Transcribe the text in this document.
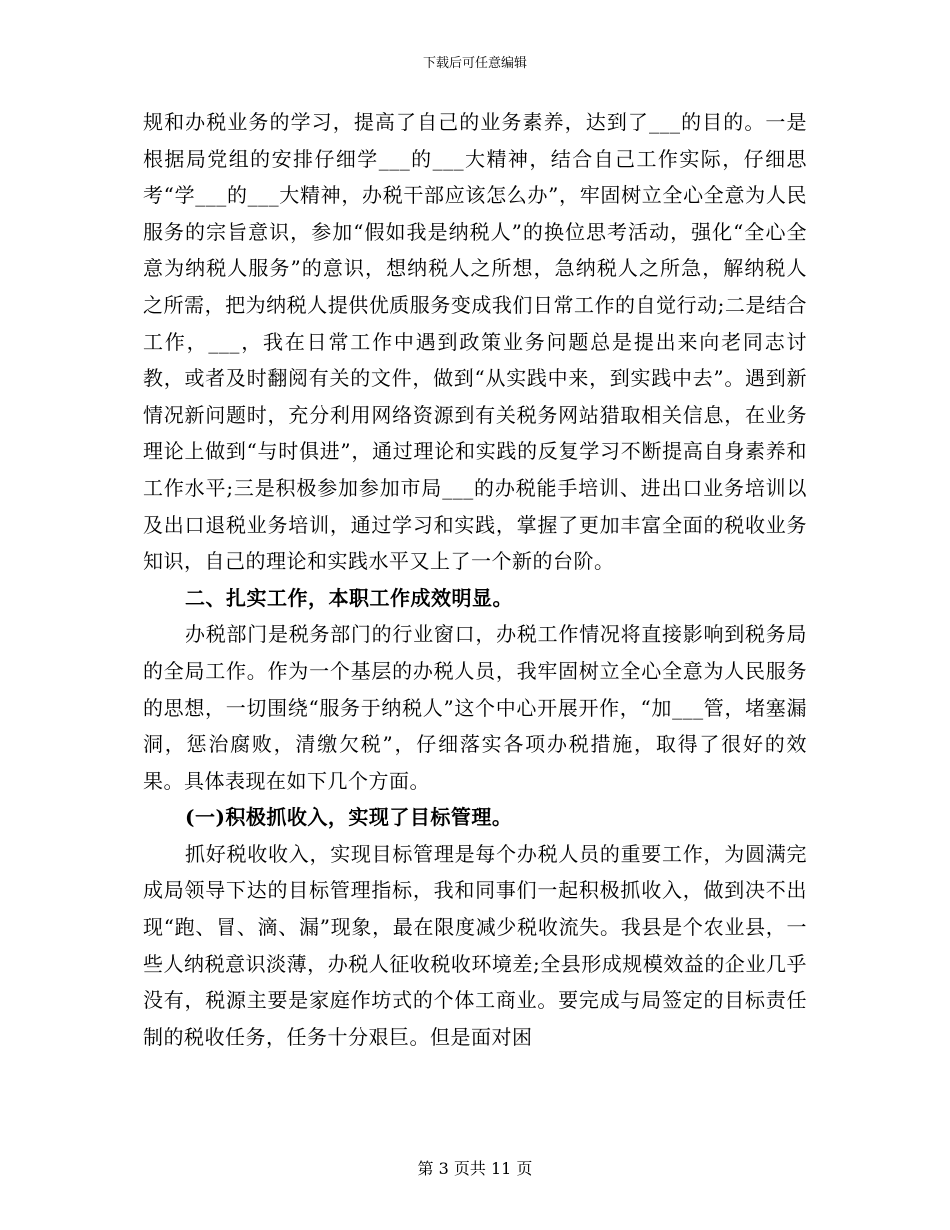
下载后可任意编辑

规和办税业务的学习，提高了自己的业务素养，达到了___的目的。一是根据局党组的安排仔细学___的___大精神，结合自己工作实际，仔细思考“学___的___大精神，办税干部应该怎么办”，牢固树立全心全意为人民服务的宗旨意识，参加“假如我是纳税人”的换位思考活动，强化“全心全意为纳税人服务”的意识，想纳税人之所想，急纳税人之所急，解纳税人之所需，把为纳税人提供优质服务变成我们日常工作的自觉行动;二是结合工作，___，我在日常工作中遇到政策业务问题总是提出来向老同志讨教，或者及时翻阅有关的文件，做到“从实践中来，到实践中去”。遇到新情况新问题时，充分利用网络资源到有关税务网站猎取相关信息，在业务理论上做到“与时俱进”，通过理论和实践的反复学习不断提高自身素养和工作水平;三是积极参加参加市局___的办税能手培训、进出口业务培训以及出口退税业务培训，通过学习和实践，掌握了更加丰富全面的税收业务知识，自己的理论和实践水平又上了一个新的台阶。

二、扎实工作，本职工作成效明显。

办税部门是税务部门的行业窗口，办税工作情况将直接影响到税务局的全局工作。作为一个基层的办税人员，我牢固树立全心全意为人民服务的思想，一切围绕“服务于纳税人”这个中心开展开作，“加___管，堵塞漏洞，惩治腐败，清缴欠税”，仔细落实各项办税措施，取得了很好的效果。具体表现在如下几个方面。

(一)积极抓收入，实现了目标管理。

抓好税收收入，实现目标管理是每个办税人员的重要工作，为圆满完成局领导下达的目标管理指标，我和同事们一起积极抓收入，做到决不出现“跑、冒、滴、漏”现象，最在限度减少税收流失。我县是个农业县，一些人纳税意识淡薄，办税人征收税收环境差;全县形成规模效益的企业几乎没有，税源主要是家庭作坊式的个体工商业。要完成与局签定的目标责任制的税收任务，任务十分艰巨。但是面对困

第 3 页共 11 页
